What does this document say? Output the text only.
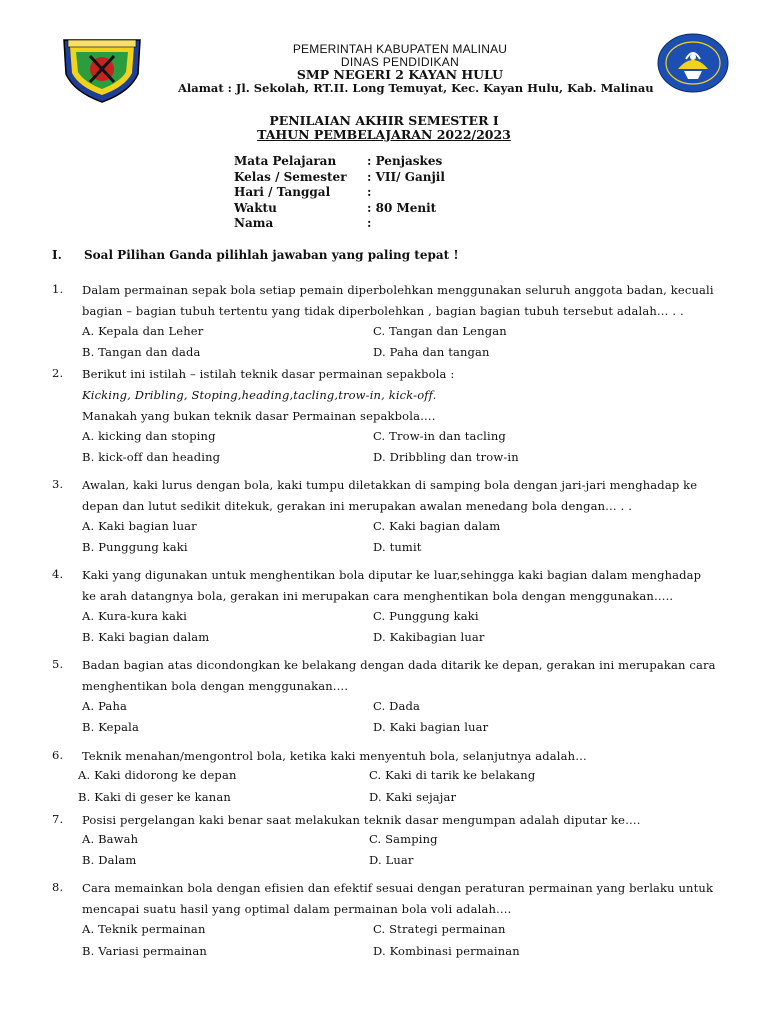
PEMERINTAH KABUPATEN MALINAU
DINAS PENDIDIKAN
SMP NEGERI 2 KAYAN HULU
Alamat : Jl. Sekolah, RT.II. Long Temuyat, Kec. Kayan Hulu, Kab. Malinau
PENILAIAN AKHIR SEMESTER I
TAHUN PEMBELAJARAN 2022/2023
Mata Pelajaran	: Penjaskes
Kelas / Semester : VII/ Ganjil
Hari / Tanggal	:
Waktu	: 80 Menit
Nama	:
I. Soal Pilihan Ganda pilihlah jawaban yang paling tepat !
1. Dalam permainan sepak bola setiap pemain diperbolehkan menggunakan seluruh anggota badan, kecuali
bagian – bagian tubuh tertentu yang tidak diperbolehkan , bagian bagian tubuh tersebut adalah… . .
A. Kepala dan Leher	C. Tangan dan Lengan
B. Tangan dan dada	D. Paha dan tangan
2. Berikut ini istilah – istilah teknik dasar permainan sepakbola :
Kicking, Dribling, Stoping,heading,tacling,trow-in, kick-off.
Manakah yang bukan teknik dasar Permainan sepakbola….
A. kicking dan stoping	C. Trow-in dan tacling
B. kick-off dan heading	D. Dribbling dan trow-in
3. Awalan, kaki lurus dengan bola, kaki tumpu diletakkan di samping bola dengan jari-jari menghadap ke
depan dan lutut sedikit ditekuk, gerakan ini merupakan awalan menedang bola dengan… . .
A. Kaki bagian luar	C. Kaki bagian dalam
B. Punggung kaki	D. tumit
4. Kaki yang digunakan untuk menghentikan bola diputar ke luar,sehingga kaki bagian dalam menghadap
ke arah datangnya bola, gerakan ini merupakan cara menghentikan bola dengan menggunakan…..
A. Kura-kura kaki	C. Punggung kaki
B. Kaki bagian dalam	D. Kakibagian luar
5. Badan bagian atas dicondongkan ke belakang dengan dada ditarik ke depan, gerakan ini merupakan cara
menghentikan bola dengan menggunakan….
A. Paha	C. Dada
B. Kepala	D. Kaki bagian luar
6. Teknik menahan/mengontrol bola, ketika kaki menyentuh bola, selanjutnya adalah…
A. Kaki didorong ke depan	C. Kaki di tarik ke belakang
B. Kaki di geser ke kanan	D. Kaki sejajar
7. Posisi pergelangan kaki benar saat melakukan teknik dasar mengumpan adalah diputar ke….
A. Bawah	C. Samping
B. Dalam	D. Luar
8. Cara memainkan bola dengan efisien dan efektif sesuai dengan peraturan permainan yang berlaku untuk
mencapai suatu hasil yang optimal dalam permainan bola voli adalah….
A. Teknik permainan	C. Strategi permainan
B. Variasi permainan	D. Kombinasi permainan
